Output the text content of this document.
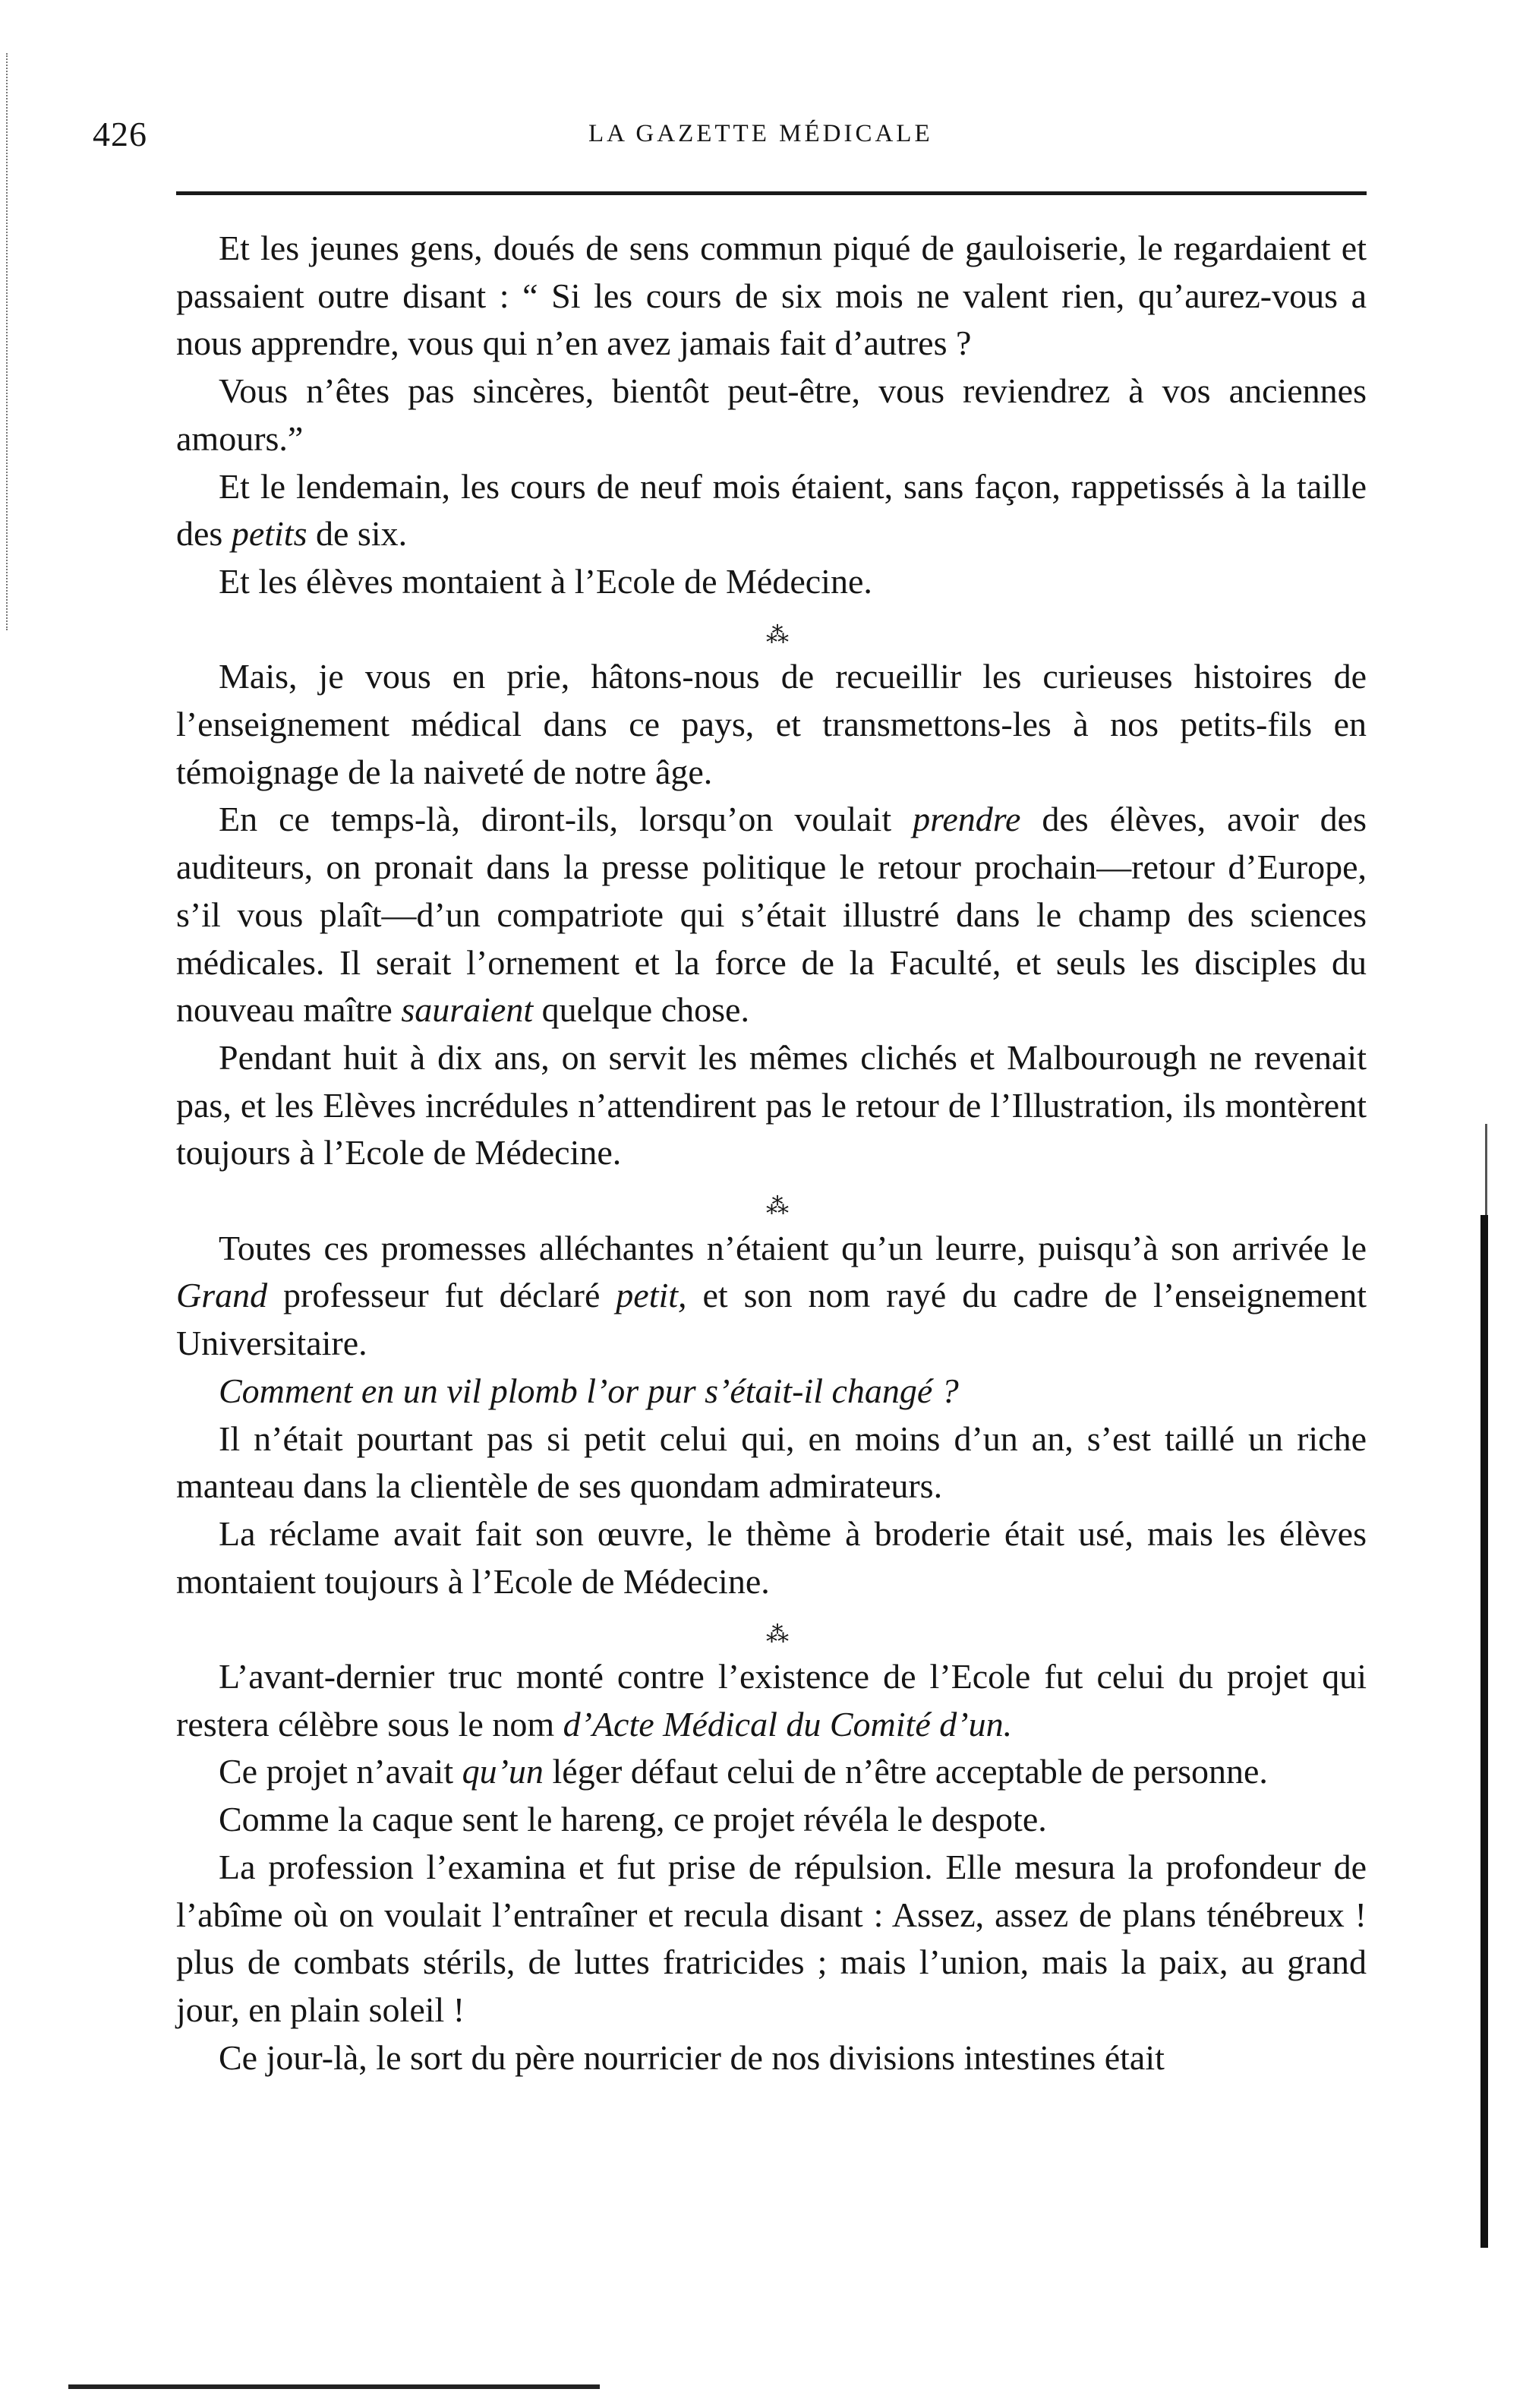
426	LA GAZETTE MÉDICALE

Et les jeunes gens, doués de sens commun piqué de gauloiserie, le regardaient et passaient outre disant : “ Si les cours de six mois ne valent rien, qu’aurez-vous a nous apprendre, vous qui n’en avez jamais fait d’autres ?

Vous n’êtes pas sincères, bientôt peut-être, vous reviendrez à vos anciennes amours.”

Et le lendemain, les cours de neuf mois étaient, sans façon, rappetissés à la taille des petits de six.

Et les élèves montaient à l’Ecole de Médecine.

⁂

Mais, je vous en prie, hâtons-nous de recueillir les curieuses histoires de l’enseignement médical dans ce pays, et transmettons-les à nos petits-fils en témoignage de la naiveté de notre âge.

En ce temps-là, diront-ils, lorsqu’on voulait prendre des élèves, avoir des auditeurs, on pronait dans la presse politique le retour prochain—retour d’Europe, s’il vous plaît—d’un compatriote qui s’était illustré dans le champ des sciences médicales. Il serait l’ornement et la force de la Faculté, et seuls les disciples du nouveau maître sauraient quelque chose.

Pendant huit à dix ans, on servit les mêmes clichés et Malbourough ne revenait pas, et les Elèves incrédules n’attendirent pas le retour de l’Illustration, ils montèrent toujours à l’Ecole de Médecine.

⁂

Toutes ces promesses alléchantes n’étaient qu’un leurre, puisqu’à son arrivée le Grand professeur fut déclaré petit, et son nom rayé du cadre de l’enseignement Universitaire.

Comment en un vil plomb l’or pur s’était-il changé ?

Il n’était pourtant pas si petit celui qui, en moins d’un an, s’est taillé un riche manteau dans la clientèle de ses quondam admirateurs.

La réclame avait fait son œuvre, le thème à broderie était usé, mais les élèves montaient toujours à l’Ecole de Médecine.

⁂

L’avant-dernier truc monté contre l’existence de l’Ecole fut celui du projet qui restera célèbre sous le nom d’Acte Médical du Comité d’un.

Ce projet n’avait qu’un léger défaut celui de n’être acceptable de personne.

Comme la caque sent le hareng, ce projet révéla le despote.

La profession l’examina et fut prise de répulsion. Elle mesura la profondeur de l’abîme où on voulait l’entraîner et recula disant : Assez, assez de plans ténébreux ! plus de combats stérils, de luttes fratricides ; mais l’union, mais la paix, au grand jour, en plain soleil !

Ce jour-là, le sort du père nourricier de nos divisions intestines était
